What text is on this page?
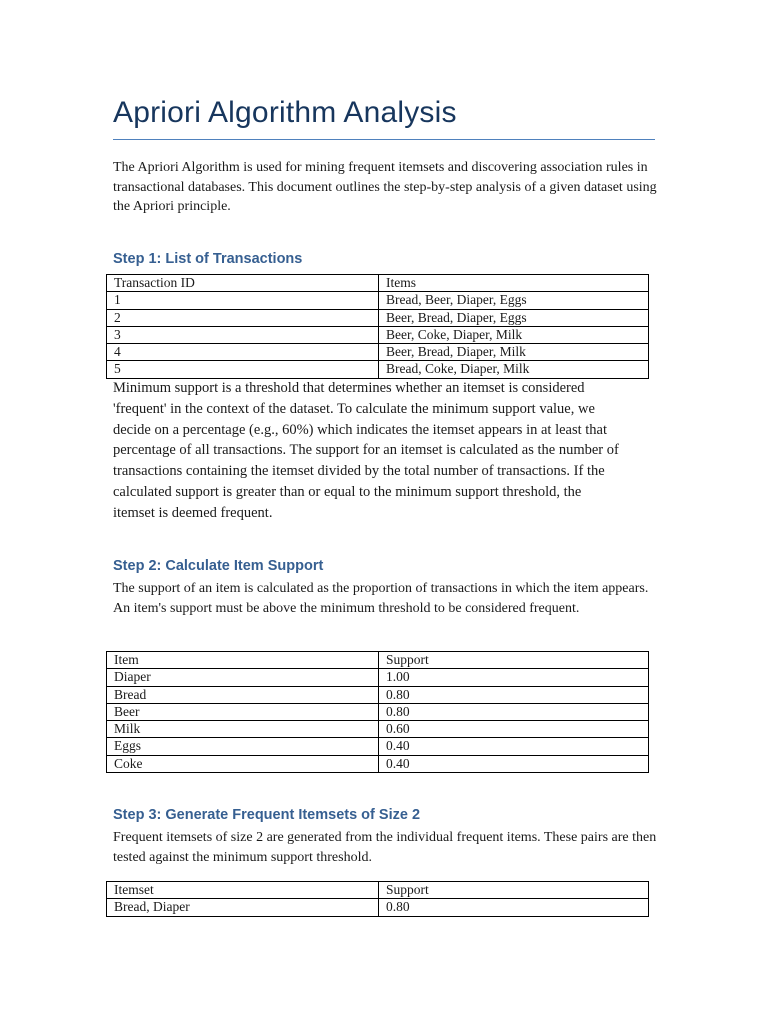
Apriori Algorithm Analysis
The Apriori Algorithm is used for mining frequent itemsets and discovering association rules in transactional databases. This document outlines the step-by-step analysis of a given dataset using the Apriori principle.
Step 1: List of Transactions
Transaction ID	Items
1	Bread, Beer, Diaper, Eggs
2	Beer, Bread, Diaper, Eggs
3	Beer, Coke, Diaper, Milk
4	Beer, Bread, Diaper, Milk
5	Bread, Coke, Diaper, Milk
Minimum support is a threshold that determines whether an itemset is considered 'frequent' in the context of the dataset. To calculate the minimum support value, we decide on a percentage (e.g., 60%) which indicates the itemset appears in at least that percentage of all transactions. The support for an itemset is calculated as the number of transactions containing the itemset divided by the total number of transactions. If the calculated support is greater than or equal to the minimum support threshold, the itemset is deemed frequent.
Step 2: Calculate Item Support
The support of an item is calculated as the proportion of transactions in which the item appears. An item's support must be above the minimum threshold to be considered frequent.
Item	Support
Diaper	1.00
Bread	0.80
Beer	0.80
Milk	0.60
Eggs	0.40
Coke	0.40
Step 3: Generate Frequent Itemsets of Size 2
Frequent itemsets of size 2 are generated from the individual frequent items. These pairs are then tested against the minimum support threshold.
Itemset	Support
Bread, Diaper	0.80
